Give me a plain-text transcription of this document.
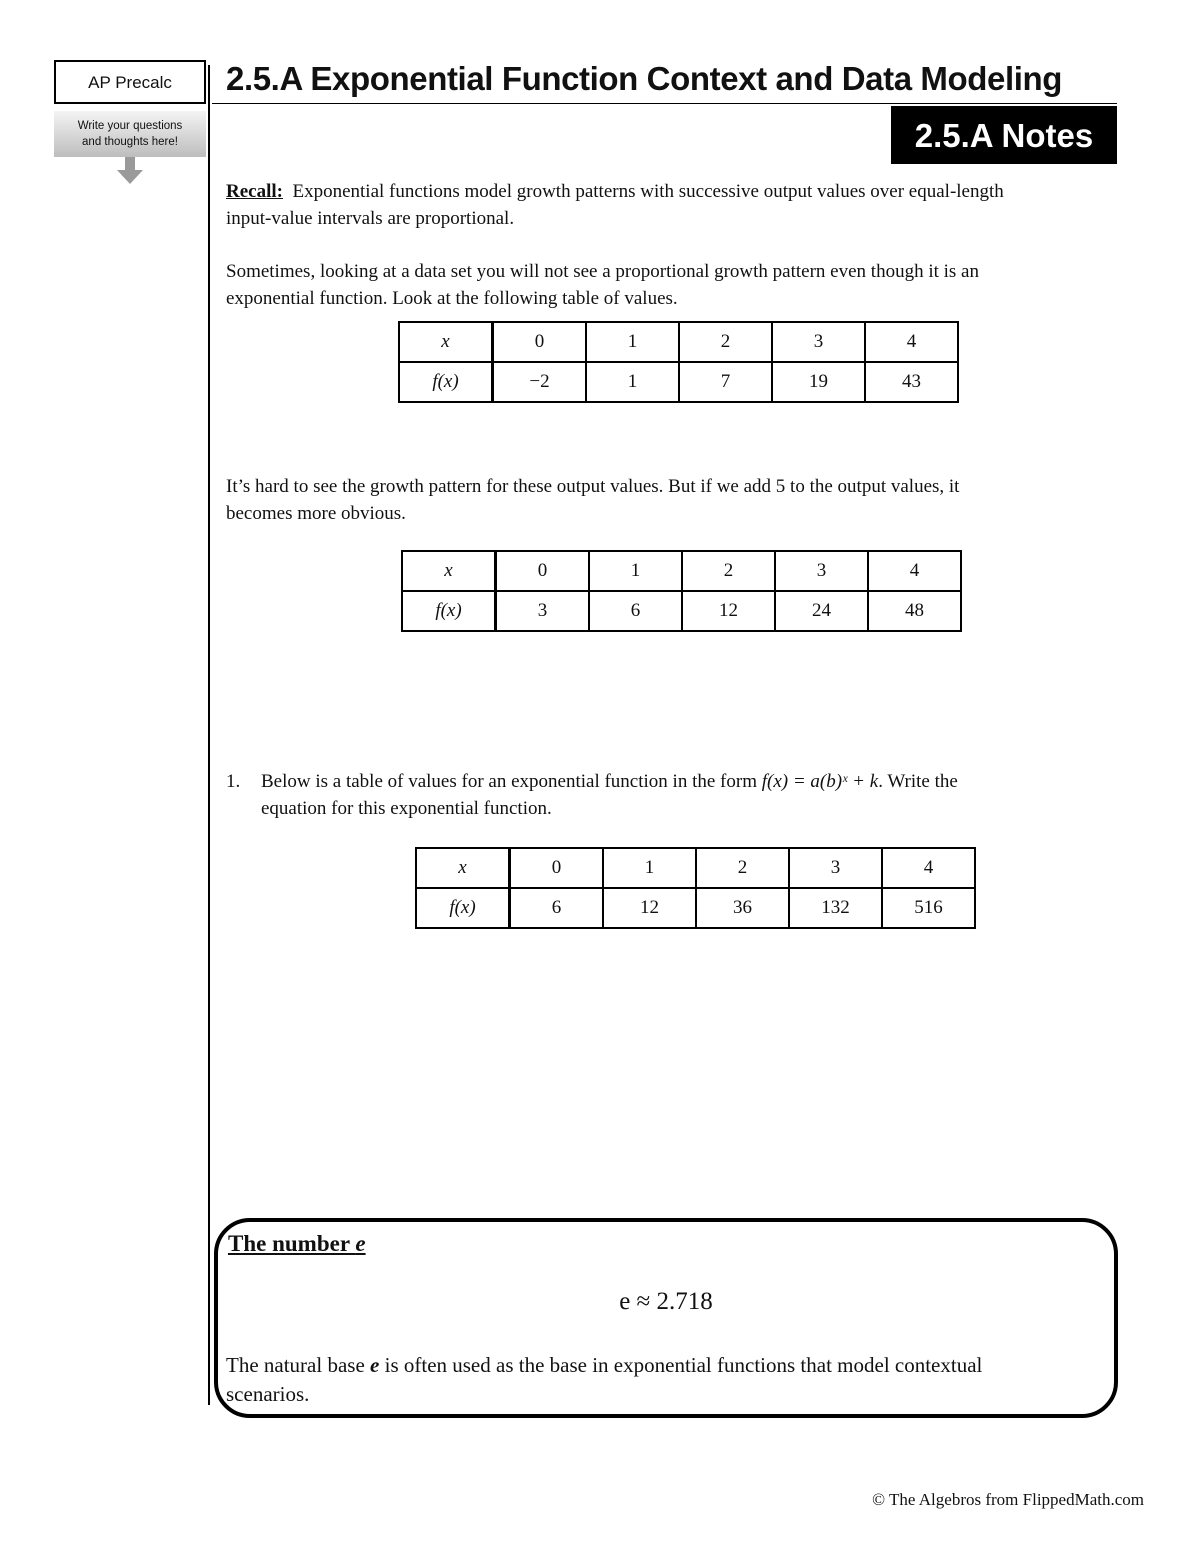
AP Precalc
Write your questions
and thoughts here!
2.5.A Exponential Function Context and Data Modeling
2.5.A Notes
Recall: Exponential functions model growth patterns with successive output values over equal-length
input-value intervals are proportional.
Sometimes, looking at a data set you will not see a proportional growth pattern even though it is an
exponential function. Look at the following table of values.
x	0	1	2	3	4
f(x)	−2	1	7	19	43
It’s hard to see the growth pattern for these output values. But if we add 5 to the output values, it
becomes more obvious.
x	0	1	2	3	4
f(x)	3	6	12	24	48
1. Below is a table of values for an exponential function in the form f(x) = a(b)ˣ + k. Write the
equation for this exponential function.
x	0	1	2	3	4
f(x)	6	12	36	132	516
The number e
e ≈ 2.718
The natural base e is often used as the base in exponential functions that model contextual
scenarios.
© The Algebros from FlippedMath.com
